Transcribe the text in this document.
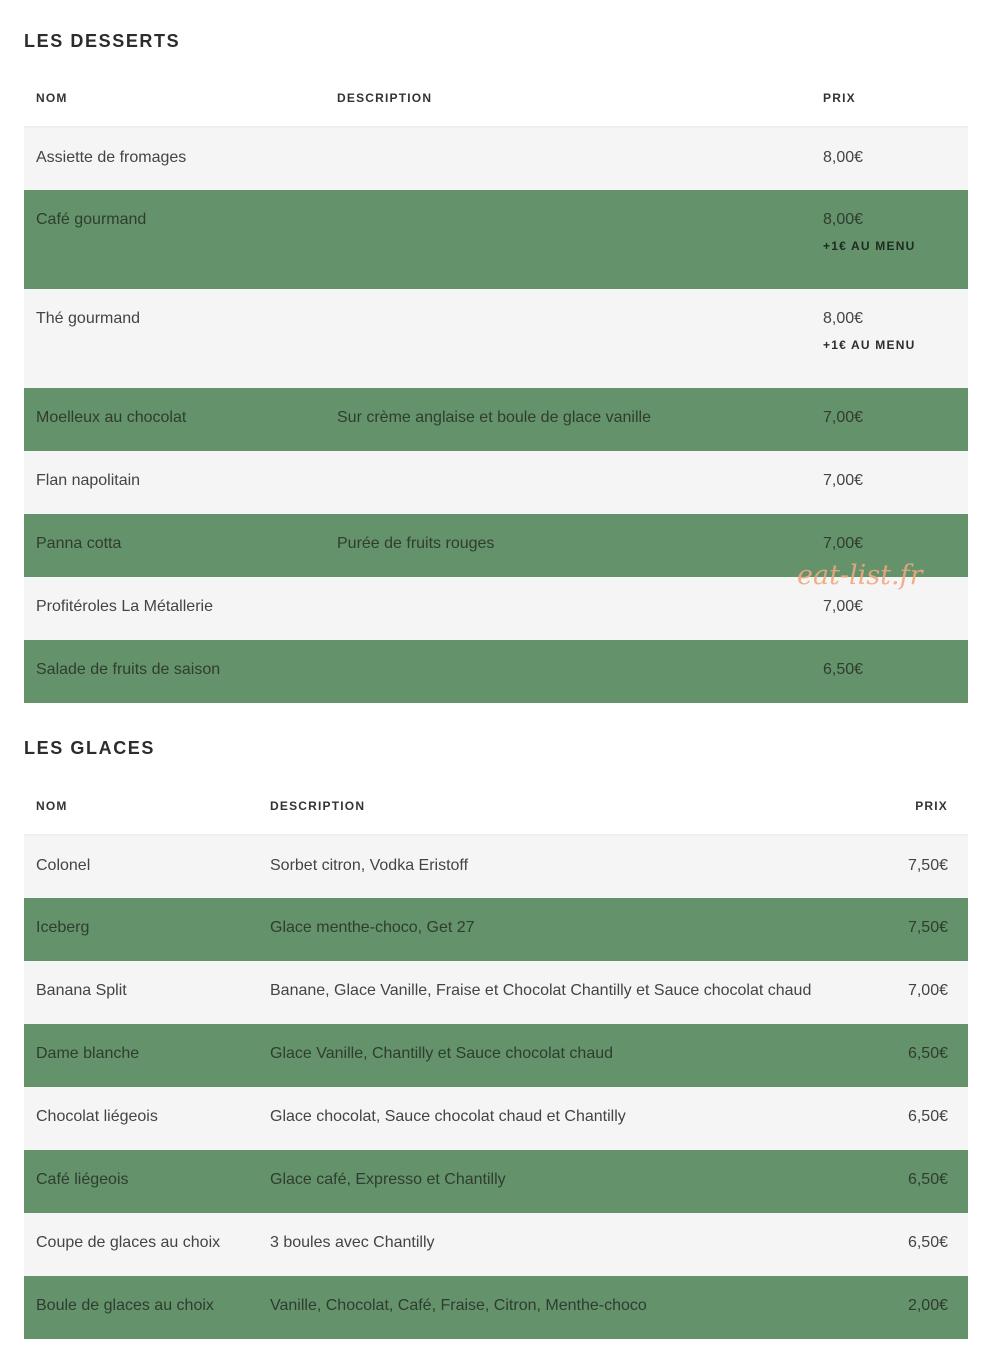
LES DESSERTS
NOM	DESCRIPTION	PRIX
Assiette de fromages		8,00€
Café gourmand		8,00€
+1€ AU MENU

Thé gourmand		8,00€
+1€ AU MENU

Moelleux au chocolat	Sur crème anglaise et boule de glace vanille	7,00€
Flan napolitain		7,00€
Panna cotta	Purée de fruits rouges	7,00€
Profitéroles La Métallerie		7,00€
Salade de fruits de saison		6,50€
eat-list.fr
LES GLACES
NOM	DESCRIPTION	PRIX
Colonel	Sorbet citron, Vodka Eristoff	7,50€
Iceberg	Glace menthe-choco, Get 27	7,50€
Banana Split	Banane, Glace Vanille, Fraise et Chocolat Chantilly et Sauce chocolat chaud	7,00€
Dame blanche	Glace Vanille, Chantilly et Sauce chocolat chaud	6,50€
Chocolat liégeois	Glace chocolat, Sauce chocolat chaud et Chantilly	6,50€
Café liégeois	Glace café, Expresso et Chantilly	6,50€
Coupe de glaces au choix	3 boules avec Chantilly	6,50€
Boule de glaces au choix	Vanille, Chocolat, Café, Fraise, Citron, Menthe-choco	2,00€
